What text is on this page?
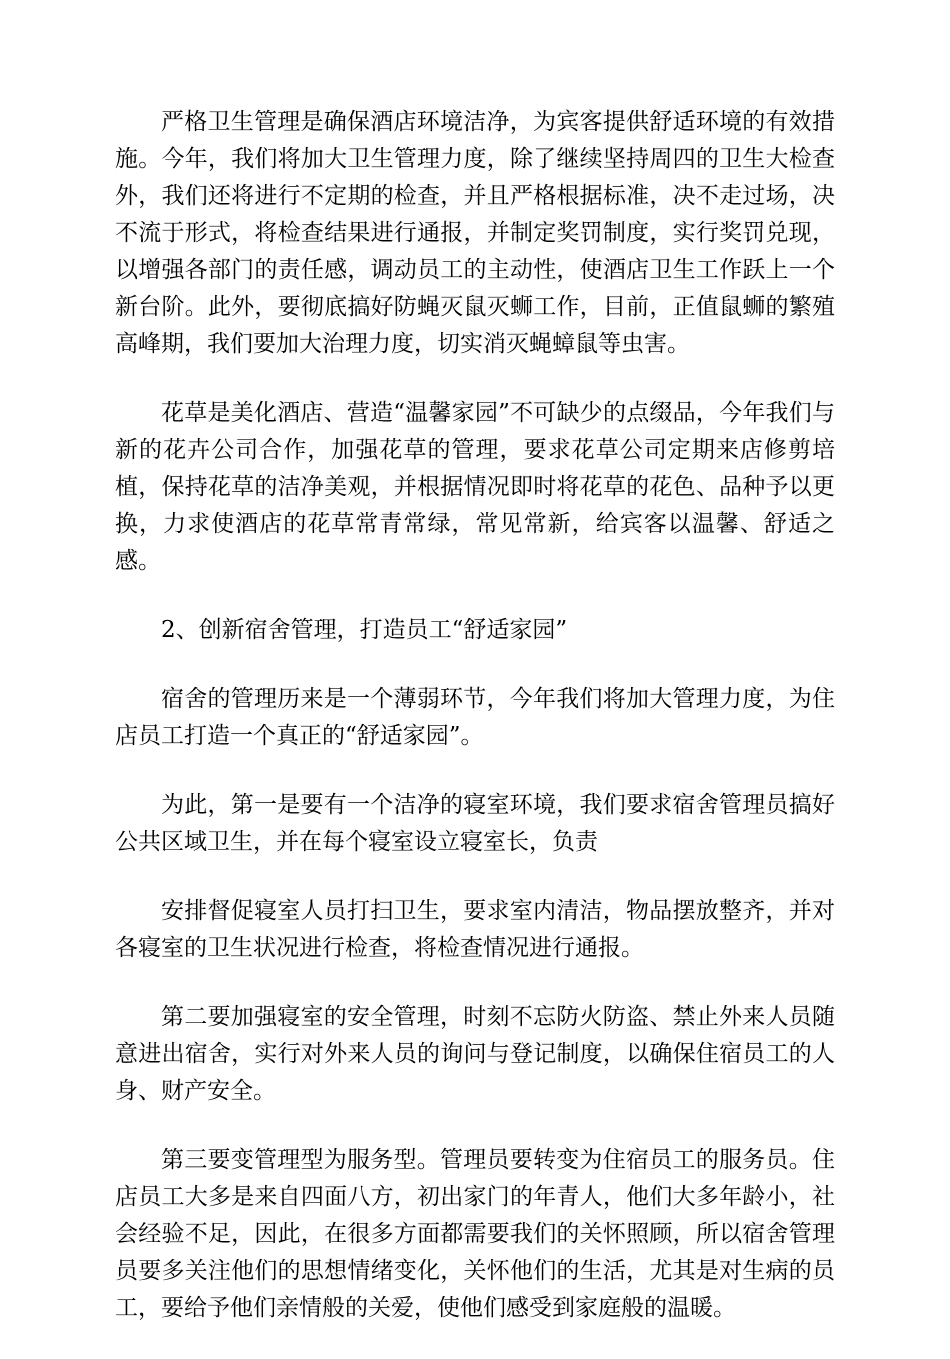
严格卫生管理是确保酒店环境洁净，为宾客提供舒适环境的有效措施。今年，我们将加大卫生管理力度，除了继续坚持周四的卫生大检查外，我们还将进行不定期的检查，并且严格根据标准，决不走过场，决不流于形式，将检查结果进行通报，并制定奖罚制度，实行奖罚兑现，以增强各部门的责任感，调动员工的主动性，使酒店卫生工作跃上一个新台阶。此外，要彻底搞好防蝇灭鼠灭蛳工作，目前，正值鼠蛳的繁殖高峰期，我们要加大治理力度，切实消灭蝇蟑鼠等虫害。

花草是美化酒店、营造“温馨家园”不可缺少的点缀品，今年我们与新的花卉公司合作，加强花草的管理，要求花草公司定期来店修剪培植，保持花草的洁净美观，并根据情况即时将花草的花色、品种予以更换，力求使酒店的花草常青常绿，常见常新，给宾客以温馨、舒适之感。

2、创新宿舍管理，打造员工“舒适家园”

宿舍的管理历来是一个薄弱环节，今年我们将加大管理力度，为住店员工打造一个真正的“舒适家园”。

为此，第一是要有一个洁净的寝室环境，我们要求宿舍管理员搞好公共区域卫生，并在每个寝室设立寝室长，负责

安排督促寝室人员打扫卫生，要求室内清洁，物品摆放整齐，并对各寝室的卫生状况进行检查，将检查情况进行通报。

第二要加强寝室的安全管理，时刻不忘防火防盗、禁止外来人员随意进出宿舍，实行对外来人员的询问与登记制度，以确保住宿员工的人身、财产安全。

第三要变管理型为服务型。管理员要转变为住宿员工的服务员。住店员工大多是来自四面八方，初出家门的年青人，他们大多年龄小，社会经验不足，因此，在很多方面都需要我们的关怀照顾，所以宿舍管理员要多关注他们的思想情绪变化，关怀他们的生活，尤其是对生病的员工，要给予他们亲情般的关爱，使他们感受到家庭般的温暖。
